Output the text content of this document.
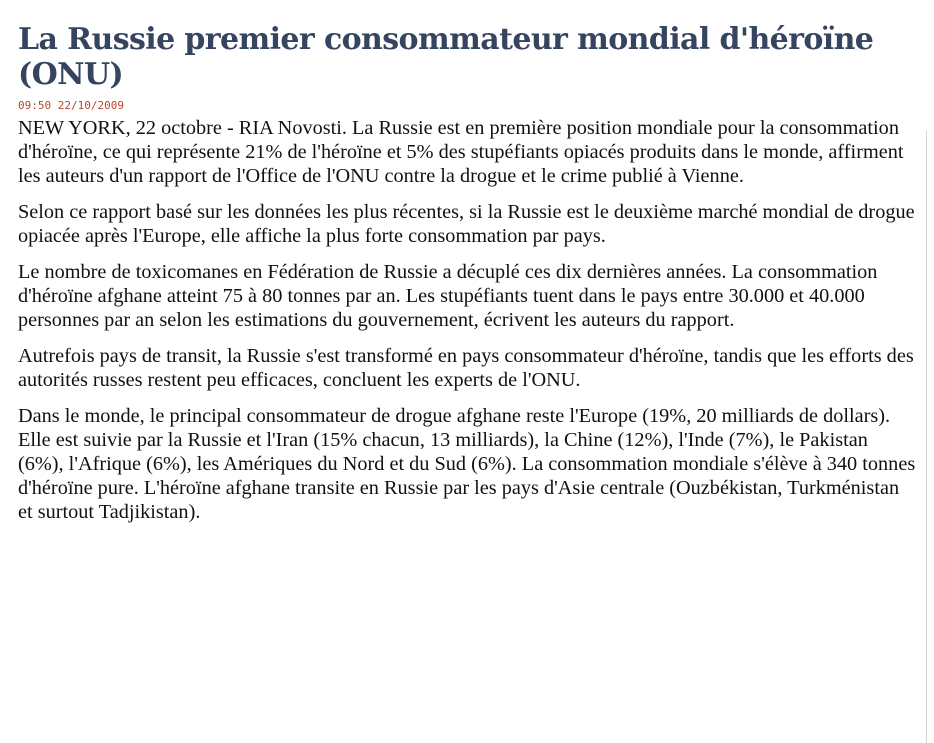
La Russie premier consommateur mondial d'héroïne (ONU)
09:50 22/10/2009

NEW YORK, 22 octobre - RIA Novosti. La Russie est en première position mondiale pour la consommation d'héroïne, ce qui représente 21% de l'héroïne et 5% des stupéfiants opiacés produits dans le monde, affirment les auteurs d'un rapport de l'Office de l'ONU contre la drogue et le crime publié à Vienne.

Selon ce rapport basé sur les données les plus récentes, si la Russie est le deuxième marché mondial de drogue opiacée après l'Europe, elle affiche la plus forte consommation par pays.

Le nombre de toxicomanes en Fédération de Russie a décuplé ces dix dernières années. La consommation d'héroïne afghane atteint 75 à 80 tonnes par an. Les stupéfiants tuent dans le pays entre 30.000 et 40.000 personnes par an selon les estimations du gouvernement, écrivent les auteurs du rapport.

Autrefois pays de transit, la Russie s'est transformé en pays consommateur d'héroïne, tandis que les efforts des autorités russes restent peu efficaces, concluent les experts de l'ONU.

Dans le monde, le principal consommateur de drogue afghane reste l'Europe (19%, 20 milliards de dollars). Elle est suivie par la Russie et l'Iran (15% chacun, 13 milliards), la Chine (12%), l'Inde (7%), le Pakistan (6%), l'Afrique (6%), les Amériques du Nord et du Sud (6%). La consommation mondiale s'élève à 340 tonnes d'héroïne pure. L'héroïne afghane transite en Russie par les pays d'Asie centrale (Ouzbékistan, Turkménistan et surtout Tadjikistan).
